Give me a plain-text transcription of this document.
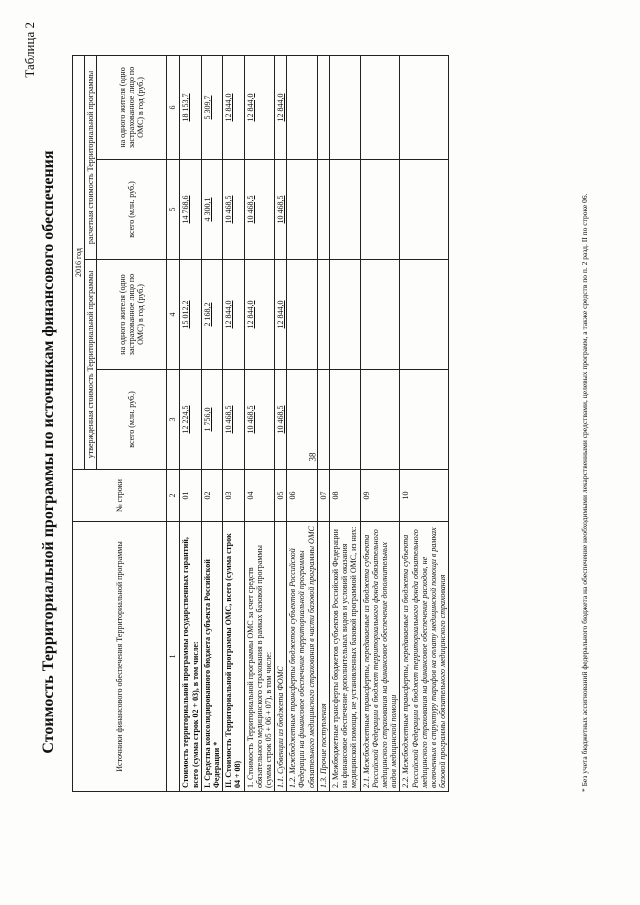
38
Таблица 2
Стоимость Территориальной программы по источникам финансового обеспечения	Источники финансового обеспечения Территориальной программы	№ строки	2016 год			
		утвержденная стоимость Территориальной программы		расчетная стоимость Территориальной программы	
		всего (млн. руб.)	на одного жителя (одно застрахованное лицо по ОМС) в год (руб.)	всего (млн. руб.)	на одного жителя (одно застрахованное лицо по ОМС) в год (руб.)
1	2	3	4	5	6
Стоимость территориальной программы государственных гарантий, всего (сумма строк 02 + 03), в том числе:	01	12 224,5	15 012,2	14 768,6	18 153,7
I. Средства консолидированного бюджета субъекта Российской Федерации *	02	1 756,0	2 168,2	4 300,1	5 309,7
II. Стоимость Территориальной программы ОМС, всего (сумма строк 04 + 08)	03	10 468,5	12 844,0	10 468,5	12 844,0
1. Стоимость Территориальной программы ОМС за счет средств обязательного медицинского страхования в рамках базовой программы (сумма строк 05 + 06 + 07), в том числе:	04	10 468,5	12 844,0	10 468,5	12 844,0
1.1. Субвенции из бюджета ФОМС	05	10 468,5	12 844,0	10 468,5	12 844,0
1.2. Межбюджетные трансферты бюджетов субъектов Российской Федерации на финансовое обеспечение территориальной программы обязательного медицинского страхования в части базовой программы ОМС	06				
1.3. Прочие поступления	07				
2. Межбюджетные трансферты бюджетов субъектов Российской Федерации на финансовое обеспечение дополнительных видов и условий оказания медицинской помощи, не установленных базовой программой ОМС, из них:	08				
2.1. Межбюджетные трансферты, передаваемые из бюджета субъекта Российской Федерации в бюджет территориального фонда обязательного медицинского страхования на финансовое обеспечение дополнительных видов медицинской помощи	09				
2.2. Межбюджетные трансферты, передаваемые из бюджета субъекта Российской Федерации в бюджет территориального фонда обязательного медицинского страхования на финансовое обеспечение расходов, не включенных в структуру тарифов на оплату медицинской помощи в рамках базовой программы обязательного медицинского страхования	10					* Без учета бюджетных ассигнований федерального бюджета на обеспечение необходимыми лекарственными средствами, целевых программ, а также средств по п. 2 разд. II по строке 06.
